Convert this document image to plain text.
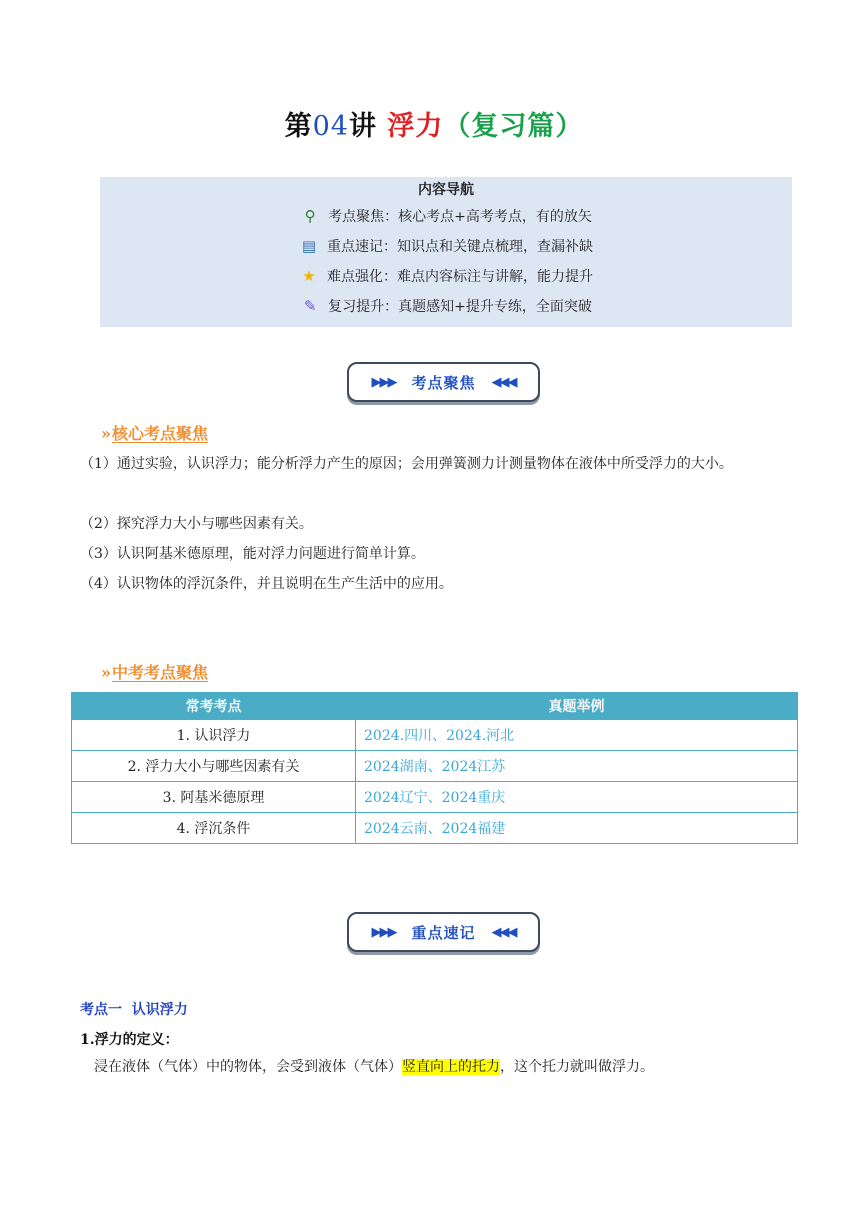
第04讲 浮力（复习篇）
内容导航
⚲ 考点聚焦：核心考点+高考考点，有的放矢
▤ 重点速记：知识点和关键点梳理，查漏补缺
★ 难点强化：难点内容标注与讲解，能力提升
✎ 复习提升：真题感知+提升专练，全面突破
▶▶▶ 考点聚焦 ◀◀◀
»核心考点聚焦
（1）通过实验，认识浮力；能分析浮力产生的原因；会用弹簧测力计测量物体在液体中所受浮力的大小。
（2）探究浮力大小与哪些因素有关。
（3）认识阿基米德原理，能对浮力问题进行简单计算。
（4）认识物体的浮沉条件，并且说明在生产生活中的应用。
»中考考点聚焦
常考考点	真题举例
1. 认识浮力	2024.四川、2024.河北
2. 浮力大小与哪些因素有关	2024湖南、2024江苏
3. 阿基米德原理	2024辽宁、2024重庆
4. 浮沉条件	2024云南、2024福建
▶▶▶ 重点速记 ◀◀◀
考点一  认识浮力
1.浮力的定义：
浸在液体（气体）中的物体，会受到液体（气体）竖直向上的托力，这个托力就叫做浮力。
